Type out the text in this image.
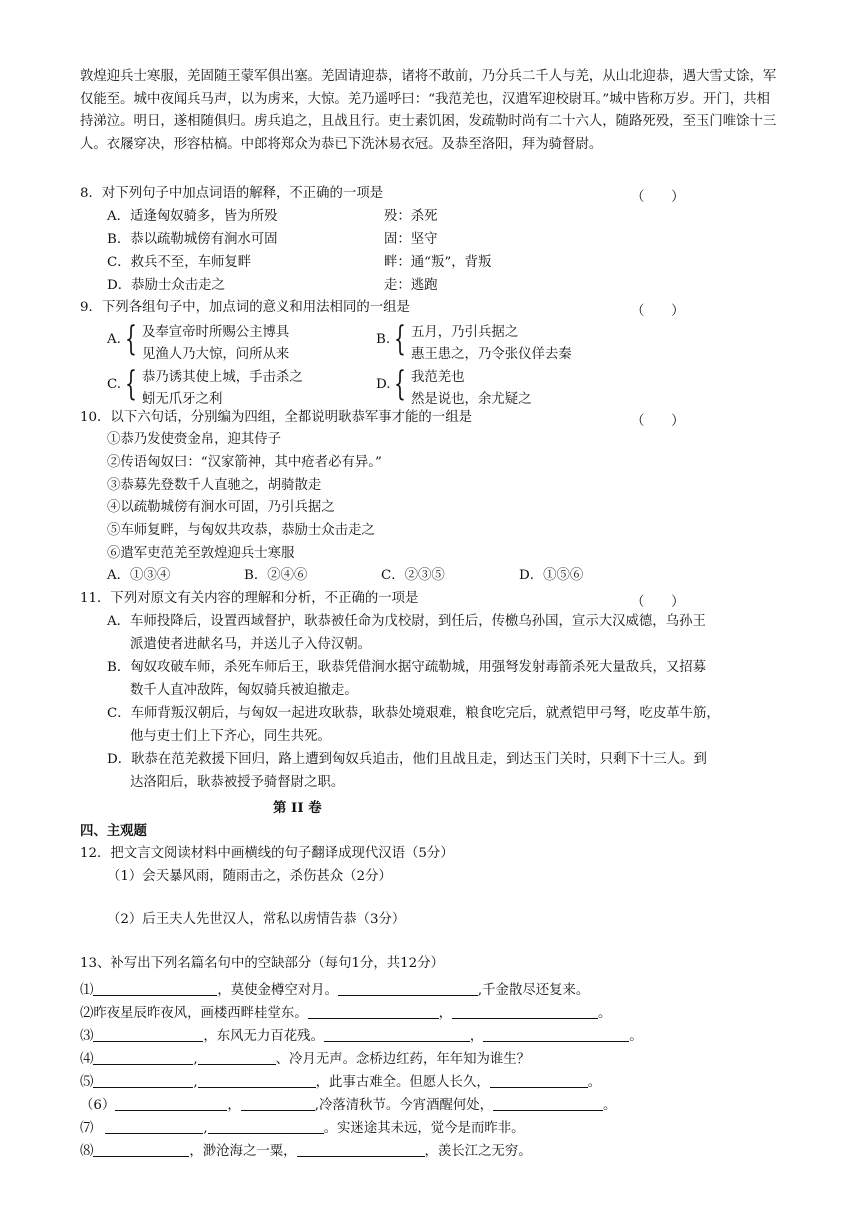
敦煌迎兵士寒服，羌固随王蒙军俱出塞。羌固请迎恭，诸将不敢前，乃分兵二千人与羌，从山北迎恭，遇大雪丈馀，军仅能至。城中夜闻兵马声，以为虏来，大惊。羌乃遥呼曰：“我范羌也，汉遣军迎校尉耳。”城中皆称万岁。开门，共相持涕泣。明日，遂相随俱归。虏兵追之，且战且行。吏士素饥困，发疏勒时尚有二十六人，随路死殁，至玉门唯馀十三人。衣屦穿决，形容枯槁。中郎将郑众为恭已下洗沐易衣冠。及恭至洛阳，拜为骑督尉。
8．对下列句子中加点词语的解释，不正确的一项是	（　　）
A．适逢匈奴骑多，皆为所殁	殁：杀死
B．恭以疏勒城傍有涧水可固	固：坚守
C．救兵不至，车师复畔	畔：通“叛”，背叛
D．恭励士众击走之	走：逃跑
9．下列各组句子中，加点词的意义和用法相同的一组是	（　　）
A. { 及奉宣帝时所赐公主博具
见渔人乃大惊，问所从来
B. { 五月，乃引兵据之
惠王患之，乃令张仪佯去秦
C. { 恭乃诱其使上城，手击杀之
蚓无爪牙之利
D. { 我范羌也
然是说也，余尤疑之
10．以下六句话，分别编为四组，全都说明耿恭军事才能的一组是	（　　）
①恭乃发使赍金帛，迎其侍子
②传语匈奴曰：“汉家箭神，其中疮者必有异。”
③恭募先登数千人直驰之，胡骑散走
④以疏勒城傍有涧水可固，乃引兵据之
⑤车师复畔，与匈奴共攻恭，恭励士众击走之
⑥遣军吏范羌至敦煌迎兵士寒服
A．①③④	B．②④⑥	C．②③⑤	D．①⑤⑥
11．下列对原文有关内容的理解和分析，不正确的一项是	（　　）
A．车师投降后，设置西域督护，耿恭被任命为戊校尉，到任后，传檄乌孙国，宣示大汉威德，乌孙王
派遣使者进献名马，并送儿子入侍汉朝。
B．匈奴攻破车师，杀死车师后王，耿恭凭借涧水据守疏勒城，用强弩发射毒箭杀死大量敌兵，又招募
数千人直冲敌阵，匈奴骑兵被迫撤走。
C．车师背叛汉朝后，与匈奴一起进攻耿恭，耿恭处境艰难，粮食吃完后，就煮铠甲弓弩，吃皮革牛筋，
他与吏士们上下齐心，同生共死。
D．耿恭在范羌救援下回归，路上遭到匈奴兵追击，他们且战且走，到达玉门关时，只剩下十三人。到
达洛阳后，耿恭被授予骑督尉之职。
第 II 卷
四、主观题
12．把文言文阅读材料中画横线的句子翻译成现代汉语（5分）
（1）会天暴风雨，随雨击之，杀伤甚众（2分）
（2）后王夫人先世汉人，常私以虏情告恭（3分）
13、补写出下列名篇名句中的空缺部分（每句1分，共12分）
⑴	，莫使金樽空对月。	,千金散尽还复来。
⑵昨夜星辰昨夜风，画楼西畔桂堂东。	，	。
⑶	，东风无力百花残。	，	。
⑷	,	、冷月无声。念桥边红药，年年知为谁生？
⑸	,	，此事古难全。但愿人长久，	。
（6）	，	,冷落清秋节。今宵酒醒何处，	。
⑺	,	。实迷途其未远，觉今是而昨非。
⑻	，渺沧海之一粟，	，羡长江之无穷。
